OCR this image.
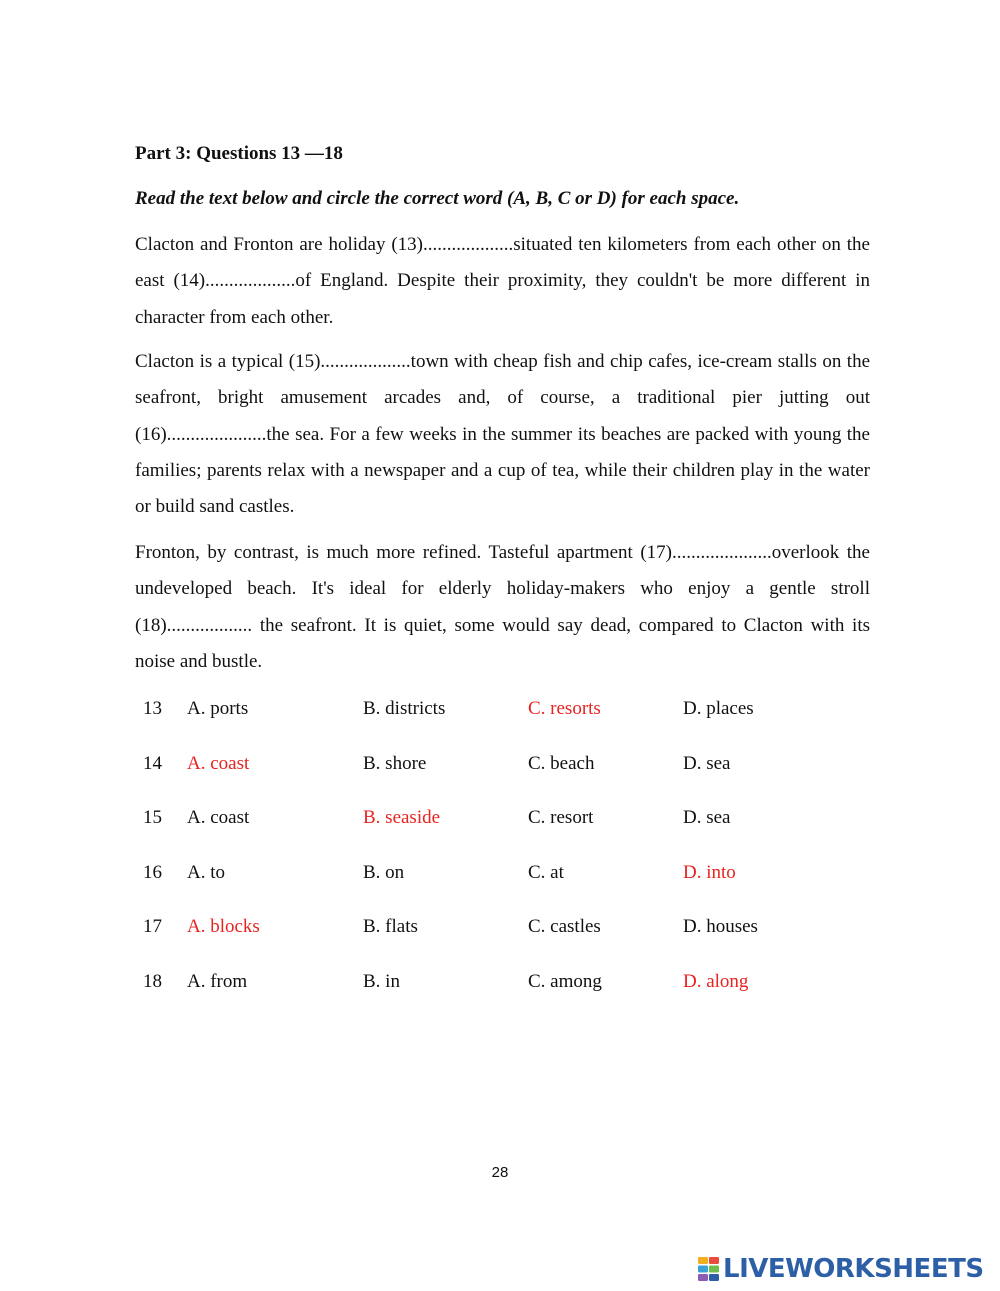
Part 3: Questions 13 —18
Read the text below and circle the correct word (A, B, C or D) for each space.

Clacton and Fronton are holiday (13)...................situated ten kilometers from each other on the east (14)...................of England. Despite their proximity, they couldn't be more different in character from each other.

Clacton is a typical (15)...................town with cheap fish and chip cafes, ice-cream stalls on the seafront, bright amusement arcades and, of course, a traditional pier jutting out (16).....................the sea. For a few weeks in the summer its beaches are packed with young the families; parents relax with a newspaper and a cup of tea, while their children play in the water or build sand castles.

Fronton, by contrast, is much more refined. Tasteful apartment (17).....................overlook the undeveloped beach. It's ideal for elderly holiday-makers who enjoy a gentle stroll (18).................. the seafront. It is quiet, some would say dead, compared to Clacton with its noise and bustle.

13 A. ports	B. districts	C. resorts	D. places
14 A. coast	B. shore	C. beach	D. sea
15 A. coast	B. seaside	C. resort	D. sea
16 A. to	B. on	C. at	D. into
17 A. blocks	B. flats	C. castles	D. houses
18 A. from	B. in	C. among	D. along
28
LIVEWORKSHEETS
